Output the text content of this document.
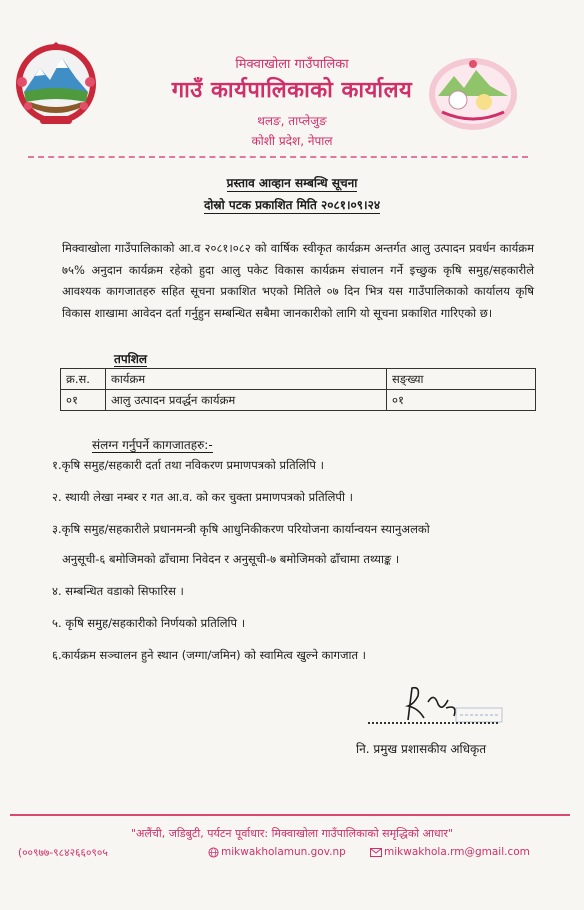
मिक्वाखोला गाउँपालिका
गाउँ कार्यपालिकाको कार्यालय
थलङ, ताप्लेजुङ
कोशी प्रदेश, नेपाल
प्रस्ताव आव्हान सम्बन्धि सूचना
दोस्रो पटक प्रकाशित मिति २०८१।०९।२४
मिक्वाखोला गाउँपालिकाको आ.व २०८१।०८२ को वार्षिक स्वीकृत कार्यक्रम अन्तर्गत आलु उत्पादन प्रवर्धन कार्यक्रम ७५% अनुदान कार्यक्रम रहेको हुदा आलु पकेट विकास कार्यक्रम संचालन गर्ने इच्छुक कृषि समुह/सहकारीले आवश्यक कागजातहरु सहित सूचना प्रकाशित भएको मितिले ०७ दिन भित्र यस गाउँपालिकाको कार्यालय कृषि विकास शाखामा आवेदन दर्ता गर्नुहुन सम्बन्धित सबैमा जानकारीको लागि यो सूचना प्रकाशित गारिएको छ।
तपशिल
क्र.स.	कार्यक्रम	सङ्ख्या
०१	आलु उत्पादन प्रवर्द्धन कार्यक्रम	०१
संलग्न गर्नुपर्ने कागजातहरु:-
१.कृषि समुह/सहकारी दर्ता तथा नविकरण प्रमाणपत्रको प्रतिलिपि ।
२. स्थायी लेखा नम्बर र गत आ.व. को कर चुक्ता प्रमाणपत्रको प्रतिलिपी ।
३.कृषि समुह/सहकारीले प्रधानमन्त्री कृषि आधुनिकीकरण परियोजना कार्यान्वयन स्यानुअलको
अनुसूची-६ बमोजिमको ढाँचामा निवेदन र अनुसूची-७ बमोजिमको ढाँचामा तथ्याङ्क ।
४. सम्बन्धित वडाको सिफारिस ।
५. कृषि समुह/सहकारीको निर्णयको प्रतिलिपि ।
६.कार्यक्रम सञ्चालन हुने स्थान (जग्गा/जमिन) को स्वामित्व खुल्ने कागजात ।
नि. प्रमुख प्रशासकीय अधिकृत
"अलैंची, जडिबुटी, पर्यटन पूर्वाधार: मिक्वाखोला गाउँपालिकाको समृद्धिको आधार"
(००९७७-९८४२६६०९०५	mikwakholamun.gov.np	mikwakhola.rm@gmail.com
